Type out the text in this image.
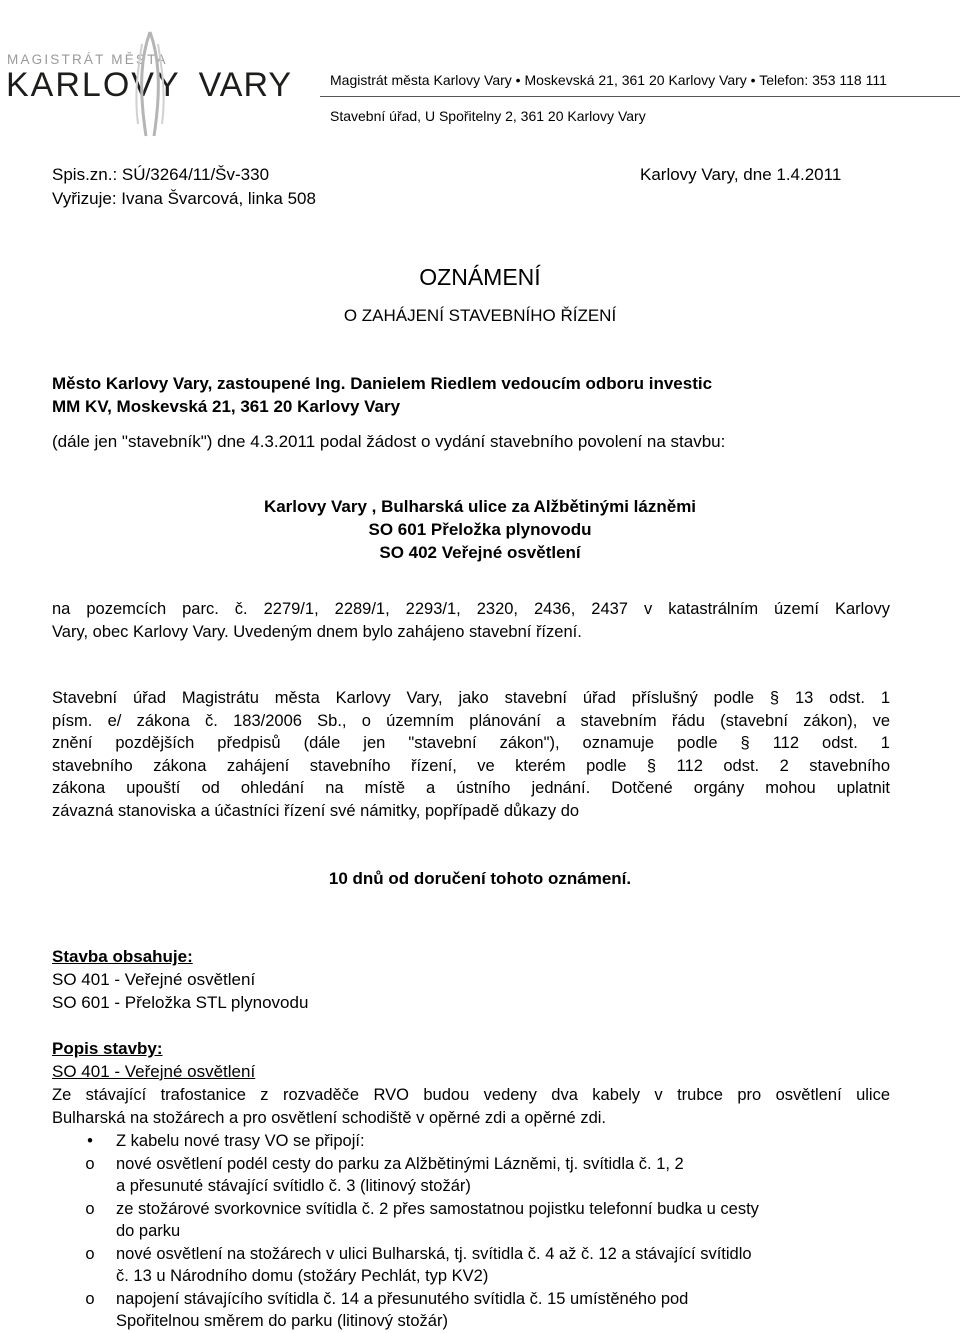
MAGISTRÁT MĚSTA
KARLOVY VARY	Magistrát města Karlovy Vary • Moskevská 21, 361 20 Karlovy Vary • Telefon: 353 118 111
Stavební úřad, U Spořitelny 2, 361 20 Karlovy Vary
Spis.zn.: SÚ/3264/11/Šv-330	Karlovy Vary, dne 1.4.2011
Vyřizuje: Ivana Švarcová, linka 508
OZNÁMENÍ
O ZAHÁJENÍ STAVEBNÍHO ŘÍZENÍ
Město Karlovy Vary, zastoupené Ing. Danielem Riedlem vedoucím odboru investic
MM KV, Moskevská 21, 361 20 Karlovy Vary
(dále jen "stavebník") dne 4.3.2011 podal žádost o vydání stavebního povolení na stavbu:
Karlovy Vary , Bulharská ulice za Alžbětinými lázněmi
SO 601 Přeložka plynovodu
SO 402 Veřejné osvětlení
na pozemcích parc. č. 2279/1, 2289/1, 2293/1, 2320, 2436, 2437 v katastrálním území Karlovy
Vary, obec Karlovy Vary. Uvedeným dnem bylo zahájeno stavební řízení.
Stavební úřad Magistrátu města Karlovy Vary, jako stavební úřad příslušný podle § 13 odst. 1
písm. e/ zákona č. 183/2006 Sb., o územním plánování a stavebním řádu (stavební zákon), ve
znění pozdějších předpisů (dále jen "stavební zákon"), oznamuje podle § 112 odst. 1
stavebního zákona zahájení stavebního řízení, ve kterém podle § 112 odst. 2 stavebního
zákona upouští od ohledání na místě a ústního jednání. Dotčené orgány mohou uplatnit
závazná stanoviska a účastníci řízení své námitky, popřípadě důkazy do
10 dnů od doručení tohoto oznámení.
Stavba obsahuje:
SO 401 - Veřejné osvětlení
SO 601 - Přeložka STL plynovodu
Popis stavby:
SO 401 - Veřejné osvětlení
Ze stávající trafostanice z rozvaděče RVO budou vedeny dva kabely v trubce pro osvětlení ulice
Bulharská na stožárech a pro osvětlení schodiště v opěrné zdi a opěrné zdi.
•	Z kabelu nové trasy VO se připojí:
o	nové osvětlení podél cesty do parku za Alžbětinými Lázněmi, tj. svítidla č. 1, 2
a přesunuté stávající svítidlo č. 3 (litinový stožár)
o	ze stožárové svorkovnice svítidla č. 2 přes samostatnou pojistku telefonní budka u cesty
do parku
o	nové osvětlení na stožárech v ulici Bulharská, tj. svítidla č. 4 až č. 12 a stávající svítidlo
č. 13 u Národního domu (stožáry Pechlát, typ KV2)
o	napojení stávajícího svítidla č. 14 a přesunutého svítidla č. 15 umístěného pod
Spořitelnou směrem do parku (litinový stožár)
